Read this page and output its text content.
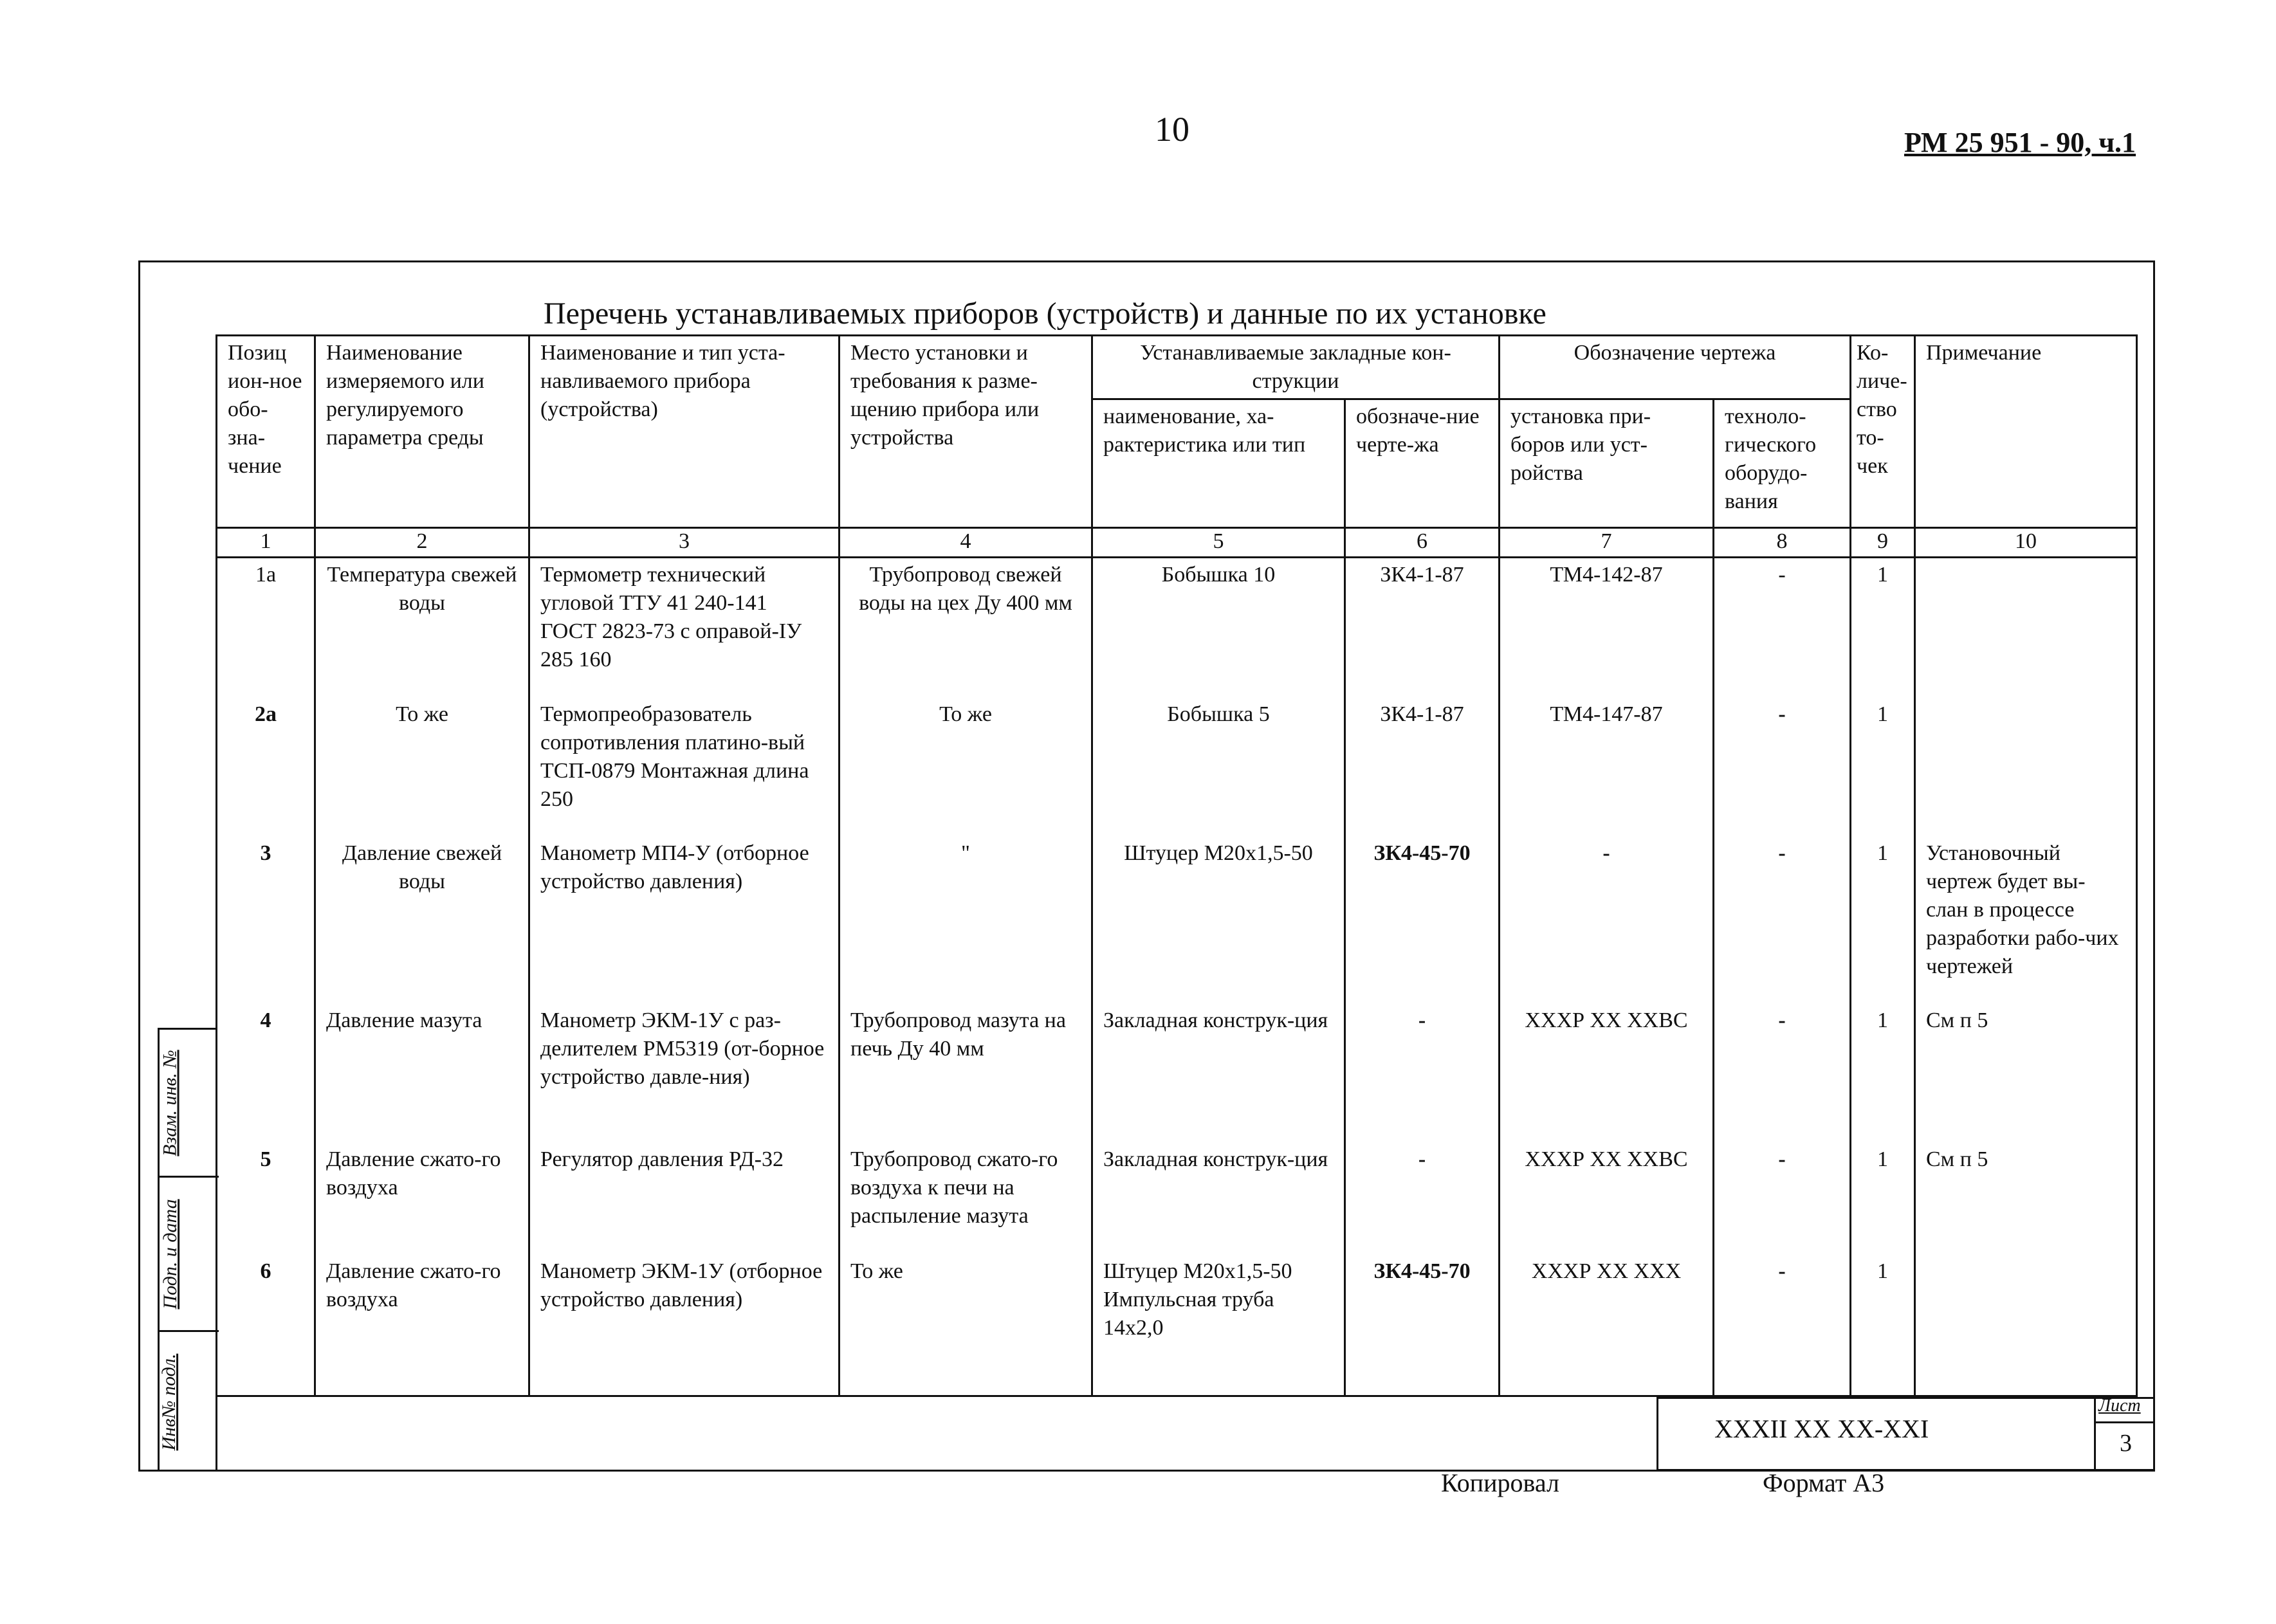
10	РМ 25 951 - 90, ч.1
Перечень устанавливаемых приборов (устройств) и данные по их установке
Позиц ион-ное обо-зна-чение	Наименование измеряемого или регулируемого параметра среды	Наименование и тип уста-навливаемого прибора (устройства)	Место установки и требования к разме-щению прибора или устройства	Устанавливаемые закладные кон-струкции		Обозначение чертежа		Ко-личе-ство то-чек	Примечание
				наименование, ха-рактеристика или тип	обозначе-ние черте-жа	установка при-боров или уст-ройства	техноло-гического оборудо-вания		
1	2	3	4	5	6	7	8	9	10
1а	Температура свежей воды	Термометр технический угловой ТТУ 41 240-141 ГОСТ 2823-73 с оправой-ІУ 285 160	Трубопровод свежей воды на цех Ду 400 мм	Бобышка 10	ЗК4-1-87	ТМ4-142-87	-	1	
2а	То же	Термопреобразователь сопротивления платино-вый ТСП-0879 Монтажная длина 250	То же	Бобышка 5	ЗК4-1-87	ТМ4-147-87	-	1	
3	Давление свежей воды	Манометр МП4-У (отборное устройство давления)	"	Штуцер М20х1,5-50	ЗК4-45-70	-	-	1	Установочный чертеж будет вы-слан в процессе разработки рабо-чих чертежей
4	Давление мазута	Манометр ЭКМ-1У с раз-делителем РМ5319 (от-борное устройство давле-ния)	Трубопровод мазута на печь Ду 40 мм	Закладная конструк-ция	-	ХХХР ХХ ХХВС	-	1	См п 5
5	Давление сжато-го воздуха	Регулятор давления РД-32	Трубопровод сжато-го воздуха к печи на распыление мазута	Закладная конструк-ция	-	ХХХР ХХ ХХВС	-	1	См п 5
6	Давление сжато-го воздуха	Манометр ЭКМ-1У (отборное устройство давления)	То же	Штуцер М20х1,5-50 Импульсная труба 14х2,0	ЗК4-45-70	ХХХР ХХ ХХХ	-	1	
Взам. инв. №
Подп. и дата
Инв№ подл.	ХХХII ХХ ХХ-ХХI
Лист
3
Копировал	Формат А3
